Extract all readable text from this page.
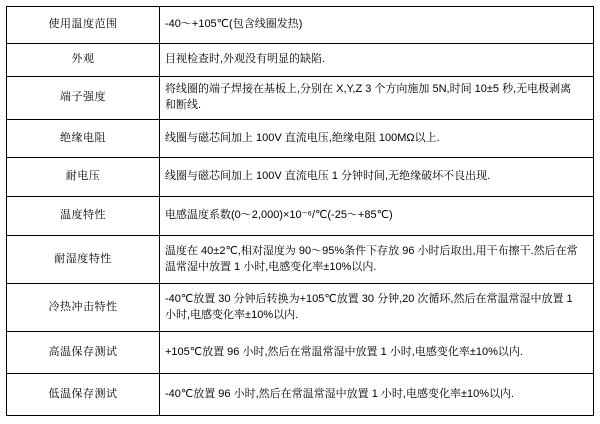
使用温度范围	-40～+105℃(包含线圈发热)

外观	目视检查时,外观没有明显的缺陷.

端子强度	将线圈的端子焊接在基板上,分别在 X,Y,Z 3 个方向施加 5N,时间 10±5 秒,无电极剥离

和断线.

绝缘电阻	线圈与磁芯间加上 100V 直流电压,绝缘电阻 100MΩ以上.

耐电压	线圈与磁芯间加上 100V 直流电压 1 分钟时间,无绝缘破坏不良出现.

温度特性	电感温度系数(0～2,000)×10⁻⁶/℃(-25～+85℃)

耐湿度特性	温度在 40±2℃,相对湿度为 90～95%条件下存放 96 小时后取出,用干布擦干.然后在常

温常湿中放置 1 小时,电感变化率±10%以内.

冷热冲击特性	-40℃放置 30 分钟后转换为+105℃放置 30 分钟,20 次循环,然后在常温常湿中放置 1

小时,电感变化率±10%以内.

高温保存测试	+105℃放置 96 小时,然后在常温常湿中放置 1 小时,电感变化率±10%以内.

低温保存测试	-40℃放置 96 小时,然后在常温常湿中放置 1 小时,电感变化率±10%以内.
